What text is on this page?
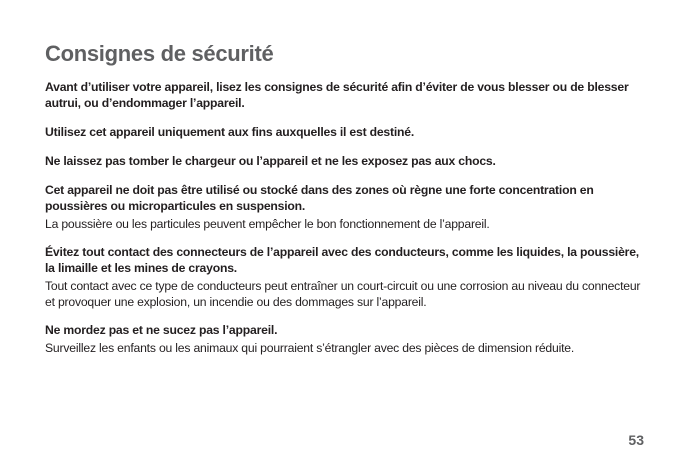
Consignes de sécurité

Avant d’utiliser votre appareil, lisez les consignes de sécurité afin d’éviter de vous blesser ou de blesser autrui, ou d’endommager l’appareil.

Utilisez cet appareil uniquement aux fins auxquelles il est destiné.

Ne laissez pas tomber le chargeur ou l’appareil et ne les exposez pas aux chocs.

Cet appareil ne doit pas être utilisé ou stocké dans des zones où règne une forte concentration en poussières ou microparticules en suspension.

La poussière ou les particules peuvent empêcher le bon fonctionnement de l’appareil.

Évitez tout contact des connecteurs de l’appareil avec des conducteurs, comme les liquides, la poussière, la limaille et les mines de crayons.

Tout contact avec ce type de conducteurs peut entraîner un court-circuit ou une corrosion au niveau du connecteur et provoquer une explosion, un incendie ou des dommages sur l’appareil.

Ne mordez pas et ne sucez pas l’appareil.

Surveillez les enfants ou les animaux qui pourraient s’étrangler avec des pièces de dimension réduite.

53
